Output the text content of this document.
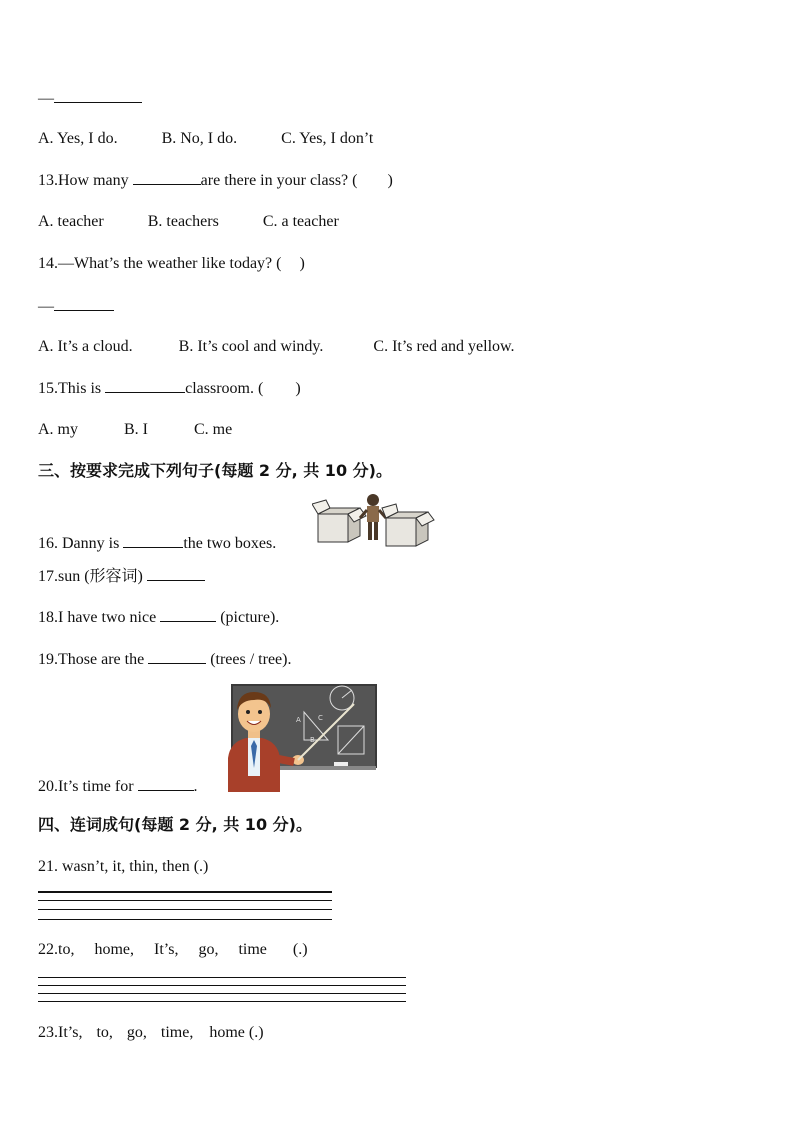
—
A. Yes, I do.	B. No, I do.	C. Yes, I don’t
13.How many	are there in your class? ( )
A. teacher	B. teachers	C. a teacher
14.—What’s the weather like today? ( )
—
A. It’s a cloud.	B. It’s cool and windy.	C. It’s red and yellow.
15.This is	classroom. ( )
A. my	B. I	C. me
三、按要求完成下列句子(每题 2 分, 共 10 分)。
16. Danny is	the two boxes.
17.sun (形容词)
18.I have two nice	(picture).
19.Those are the	(trees / tree).
A C
B
20.It’s time for	.
四、连词成句(每题 2 分, 共 10 分)。
21. wasn’t, it, thin, then (.)
22.to, home, It’s, go, time (.)
23.It’s, to, go, time, home (.)
